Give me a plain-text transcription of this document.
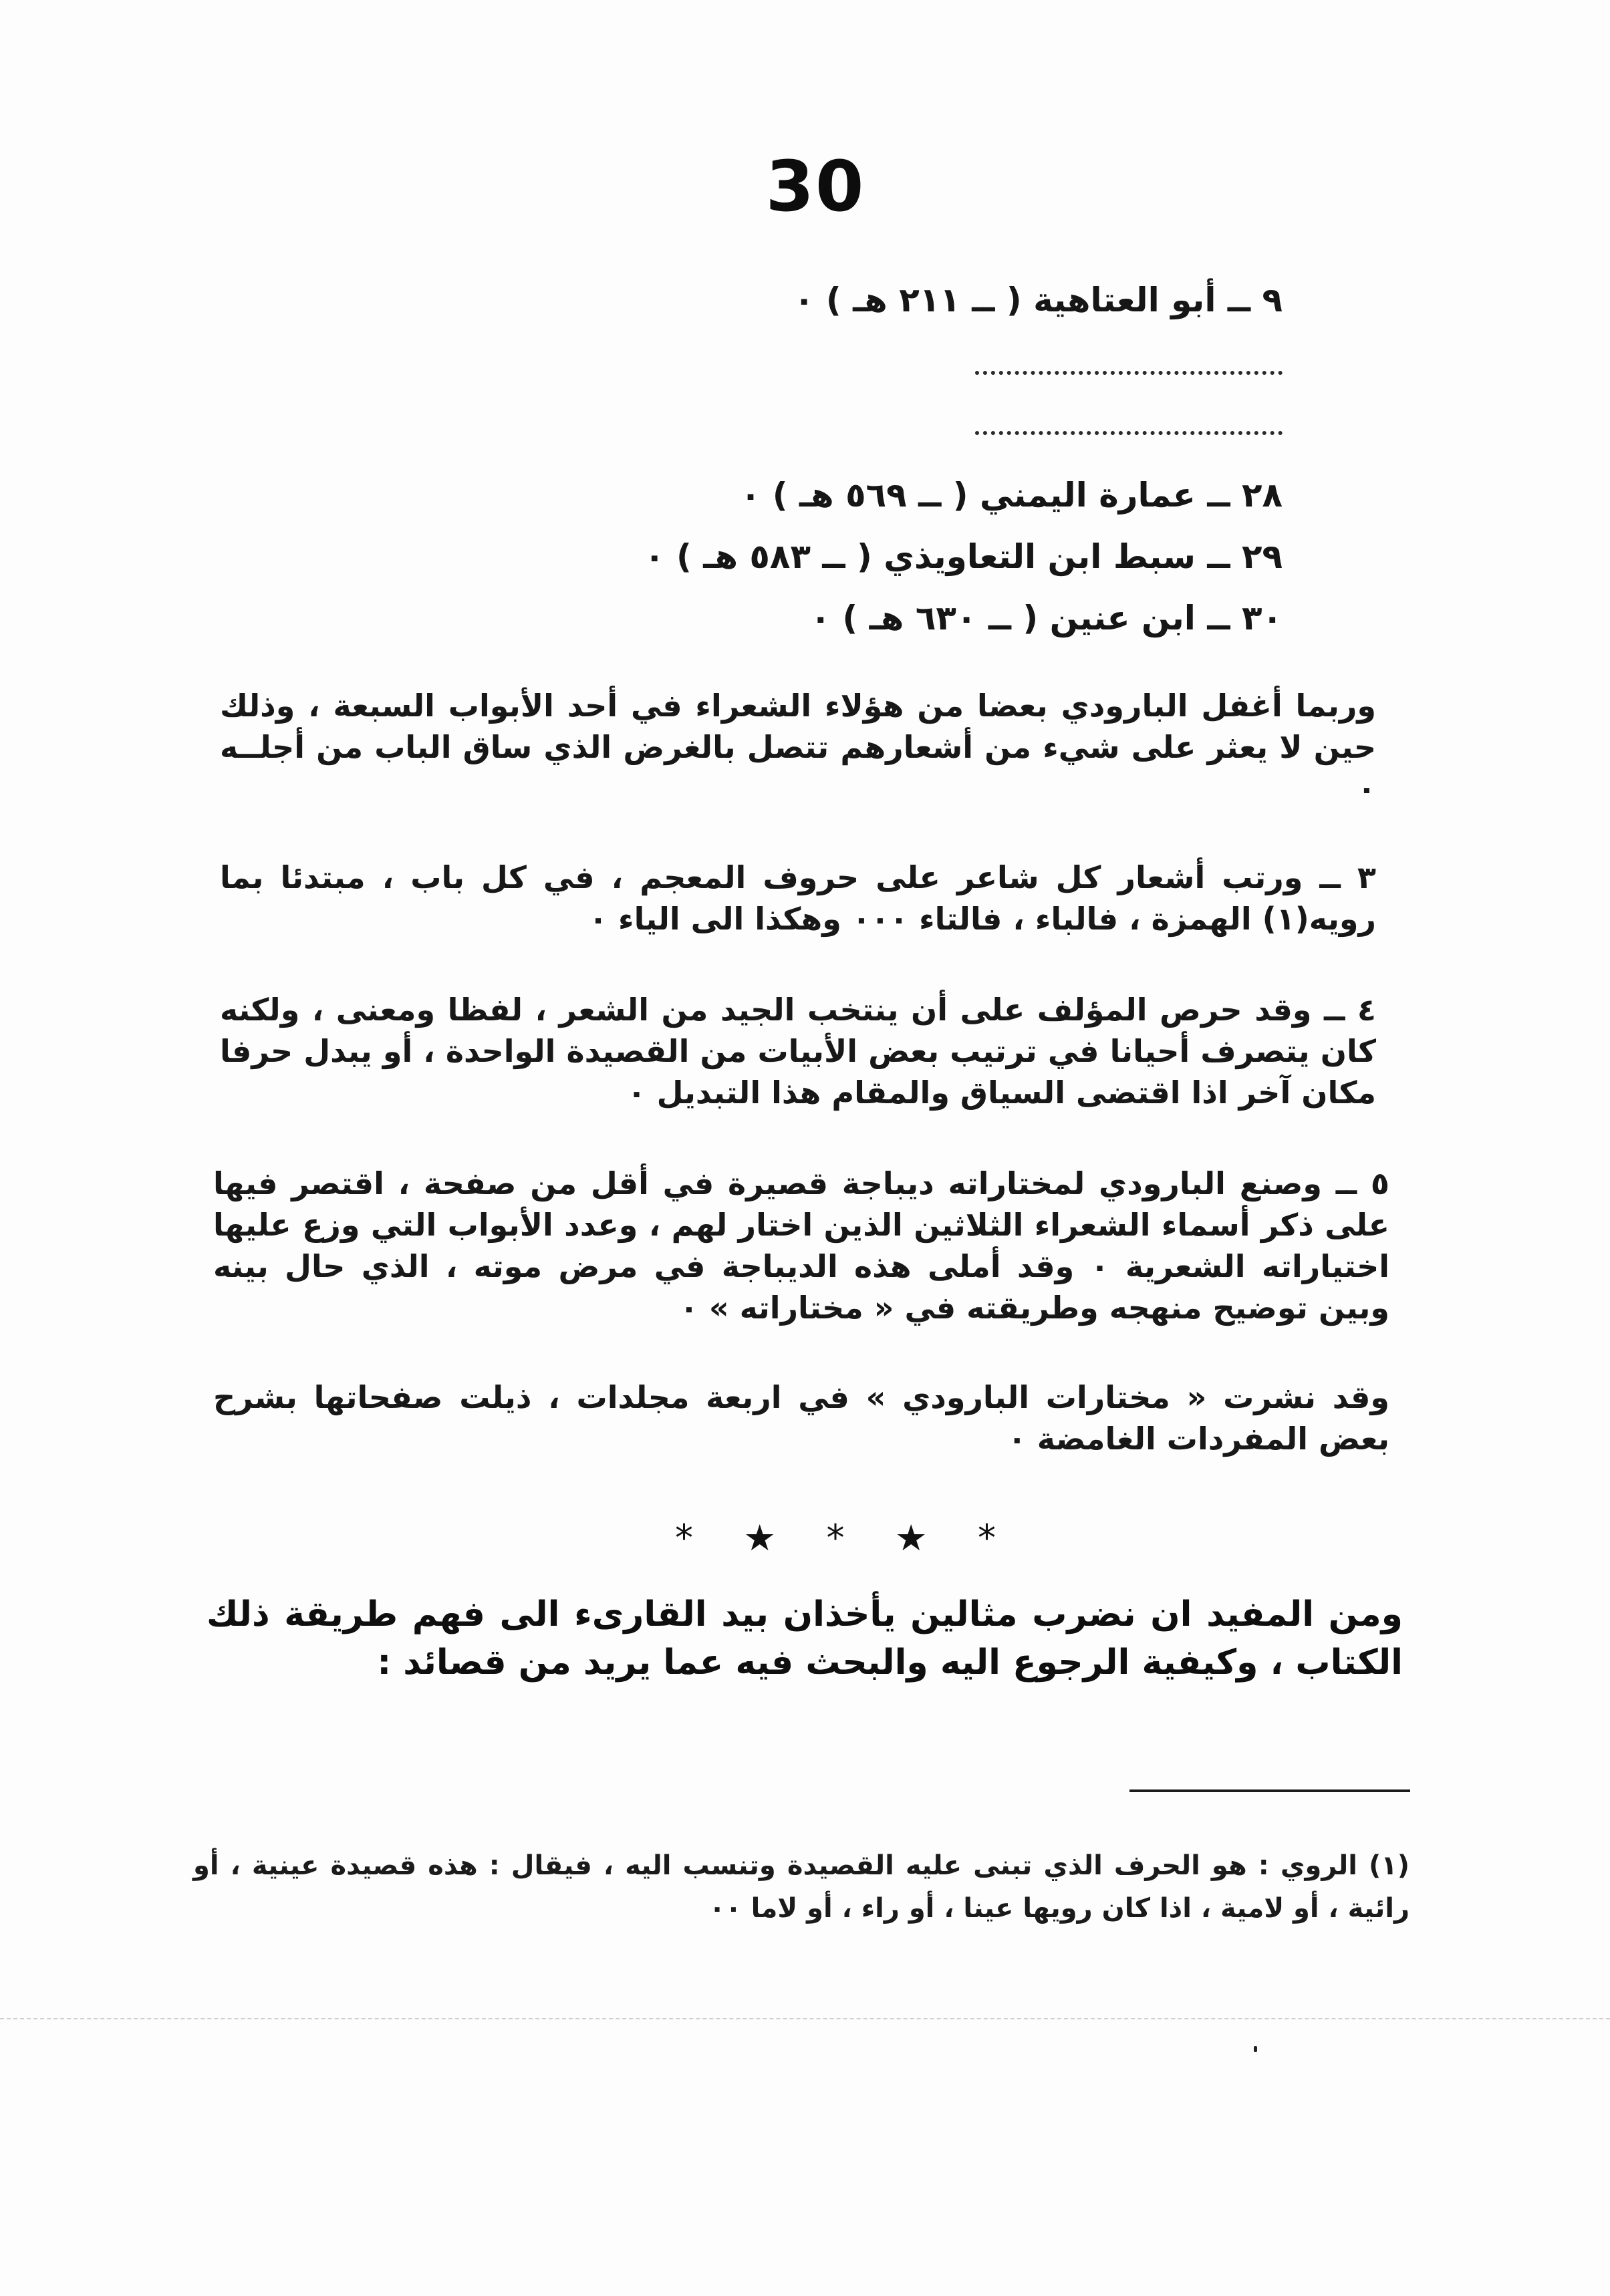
30
٩ ــ أبو العتاهية ( ــ ٢١١ هـ ) ٠
٢٨ ــ عمارة اليمني ( ــ ٥٦٩ هـ ) ٠
٢٩ ــ سبط ابن التعاويذي ( ــ ٥٨٣ هـ ) ٠
٣٠ ــ ابن عنين ( ــ ٦٣٠ هـ ) ٠
وربما أغفل البارودي بعضا من هؤلاء الشعراء في أحد الأبواب السبعة ، وذلك حين لا يعثر على شيء من أشعارهم تتصل بالغرض الذي ساق الباب من أجلــه ٠
٣ ــ ورتب أشعار كل شاعر على حروف المعجم ، في كل باب ، مبتدئا بما رويه(١) الهمزة ، فالباء ، فالتاء ٠٠٠ وهكذا الى الياء ٠
٤ ــ وقد حرص المؤلف على أن ينتخب الجيد من الشعر ، لفظا ومعنى ، ولكنه كان يتصرف أحيانا في ترتيب بعض الأبيات من القصيدة الواحدة ، أو يبدل حرفا مكان آخر اذا اقتضى السياق والمقام هذا التبديل ٠
٥ ــ وصنع البارودي لمختاراته ديباجة قصيرة في أقل من صفحة ، اقتصر فيها على ذكر أسماء الشعراء الثلاثين الذين اختار لهم ، وعدد الأبواب التي وزع عليها اختياراته الشعرية ٠ وقد أملى هذه الديباجة في مرض موته ، الذي حال بينه وبين توضيح منهجه وطريقته في « مختاراته » ٠
وقد نشرت « مختارات البارودي » في اربعة مجلدات ، ذيلت صفحاتها بشرح بعض المفردات الغامضة ٠
* ★ * ★ *
ومن المفيد ان نضرب مثالين يأخذان بيد القارىء الى فهم طريقة ذلك الكتاب ، وكيفية الرجوع اليه والبحث فيه عما يريد من قصائد :
(١) الروي : هو الحرف الذي تبنى عليه القصيدة وتنسب اليه ، فيقال : هذه قصيدة عينية ، أو رائية ، أو لامية ، اذا كان رويها عينا ، أو راء ، أو لاما ٠٠
